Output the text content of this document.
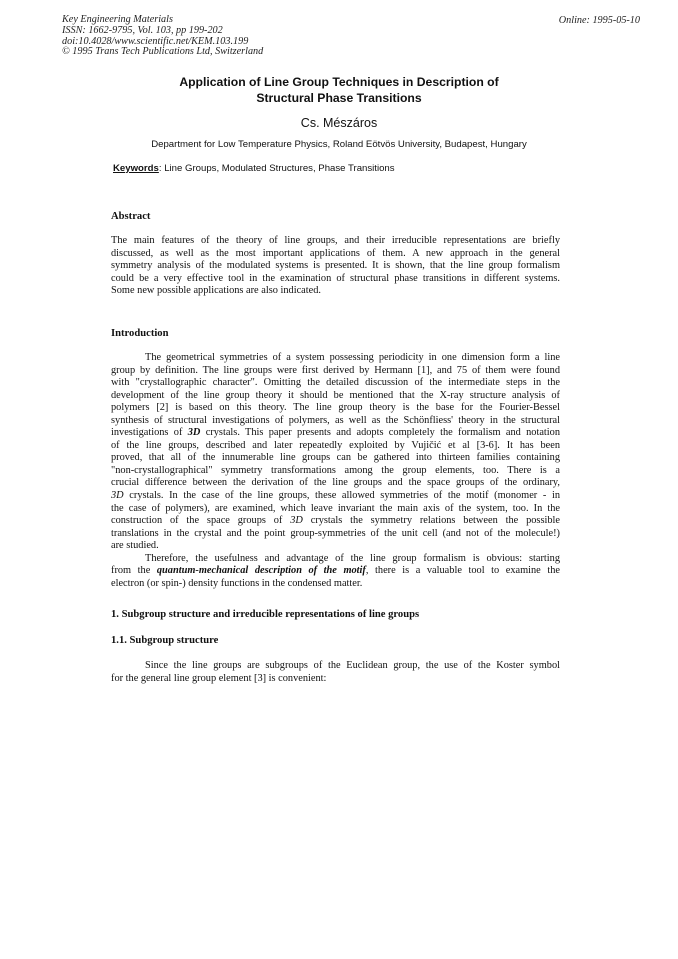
Key Engineering Materials
ISSN: 1662-9795, Vol. 103, pp 199-202
doi:10.4028/www.scientific.net/KEM.103.199
© 1995 Trans Tech Publications Ltd, Switzerland
Online: 1995-05-10
Application of Line Group Techniques in Description of
Structural Phase Transitions
Cs. Mészáros
Department for Low Temperature Physics, Roland Eötvös University, Budapest, Hungary
Keywords: Line Groups, Modulated Structures, Phase Transitions
Abstract
The main features of the theory of line groups, and their irreducible representations are briefly
discussed, as well as the most important applications of them. A new approach in the general
symmetry analysis of the modulated systems is presented. It is shown, that the line group formalism
could be a very effective tool in the examination of structural phase transitions in different systems.
Some new possible applications are also indicated.
Introduction
The geometrical symmetries of a system possessing periodicity in one dimension form a line
group by definition. The line groups were first derived by Hermann [1], and 75 of them were found
with "crystallographic character". Omitting the detailed discussion of the intermediate steps in the
development of the line group theory it should be mentioned that the X-ray structure analysis of
polymers [2] is based on this theory. The line group theory is the base for the Fourier-Bessel
synthesis of structural investigations of polymers, as well as the Schönfliess' theory in the structural
investigations of 3D crystals. This paper presents and adopts completely the formalism and notation
of the line groups, described and later repeatedly exploited by Vujičić et al [3-6]. It has been
proved, that all of the innumerable line groups can be gathered into thirteen families containing
"non-crystallographical" symmetry transformations among the group elements, too. There is a
crucial difference between the derivation of the line groups and the space groups of the ordinary,
3D crystals. In the case of the line groups, these allowed symmetries of the motif (monomer - in
the case of polymers), are examined, which leave invariant the main axis of the system, too. In the
construction of the space groups of 3D crystals the symmetry relations between the possible
translations in the crystal and the point group-symmetries of the unit cell (and not of the molecule!)
are studied.
Therefore, the usefulness and advantage of the line group formalism is obvious: starting
from the quantum-mechanical description of the motif, there is a valuable tool to examine the
electron (or spin-) density functions in the condensed matter.
1. Subgroup structure and irreducible representations of line groups
1.1. Subgroup structure
Since the line groups are subgroups of the Euclidean group, the use of the Koster symbol
for the general line group element [3] is convenient:
